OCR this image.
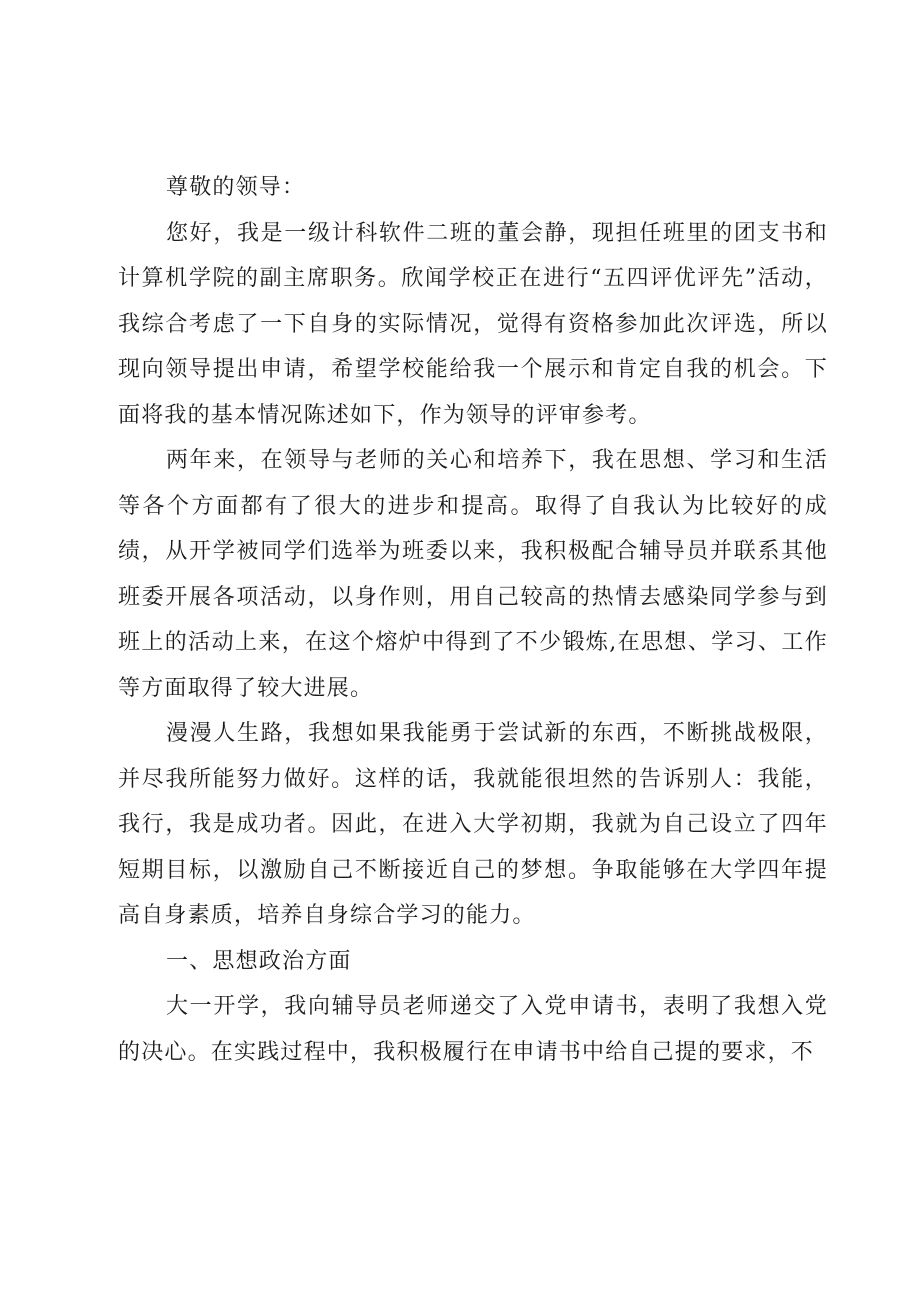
尊敬的领导：

您好，我是一级计科软件二班的董会静，现担任班里的团支书和计算机学院的副主席职务。欣闻学校正在进行“五四评优评先”活动，我综合考虑了一下自身的实际情况，觉得有资格参加此次评选，所以现向领导提出申请，希望学校能给我一个展示和肯定自我的机会。下面将我的基本情况陈述如下，作为领导的评审参考。

两年来，在领导与老师的关心和培养下，我在思想、学习和生活等各个方面都有了很大的进步和提高。取得了自我认为比较好的成绩，从开学被同学们选举为班委以来，我积极配合辅导员并联系其他班委开展各项活动，以身作则，用自己较高的热情去感染同学参与到班上的活动上来，在这个熔炉中得到了不少锻炼,在思想、学习、工作等方面取得了较大进展。

漫漫人生路，我想如果我能勇于尝试新的东西，不断挑战极限，并尽我所能努力做好。这样的话，我就能很坦然的告诉别人：我能，我行，我是成功者。因此，在进入大学初期，我就为自己设立了四年短期目标，以激励自己不断接近自己的梦想。争取能够在大学四年提高自身素质，培养自身综合学习的能力。

一、思想政治方面

大一开学，我向辅导员老师递交了入党申请书，表明了我想入党的决心。在实践过程中，我积极履行在申请书中给自己提的要求，不
